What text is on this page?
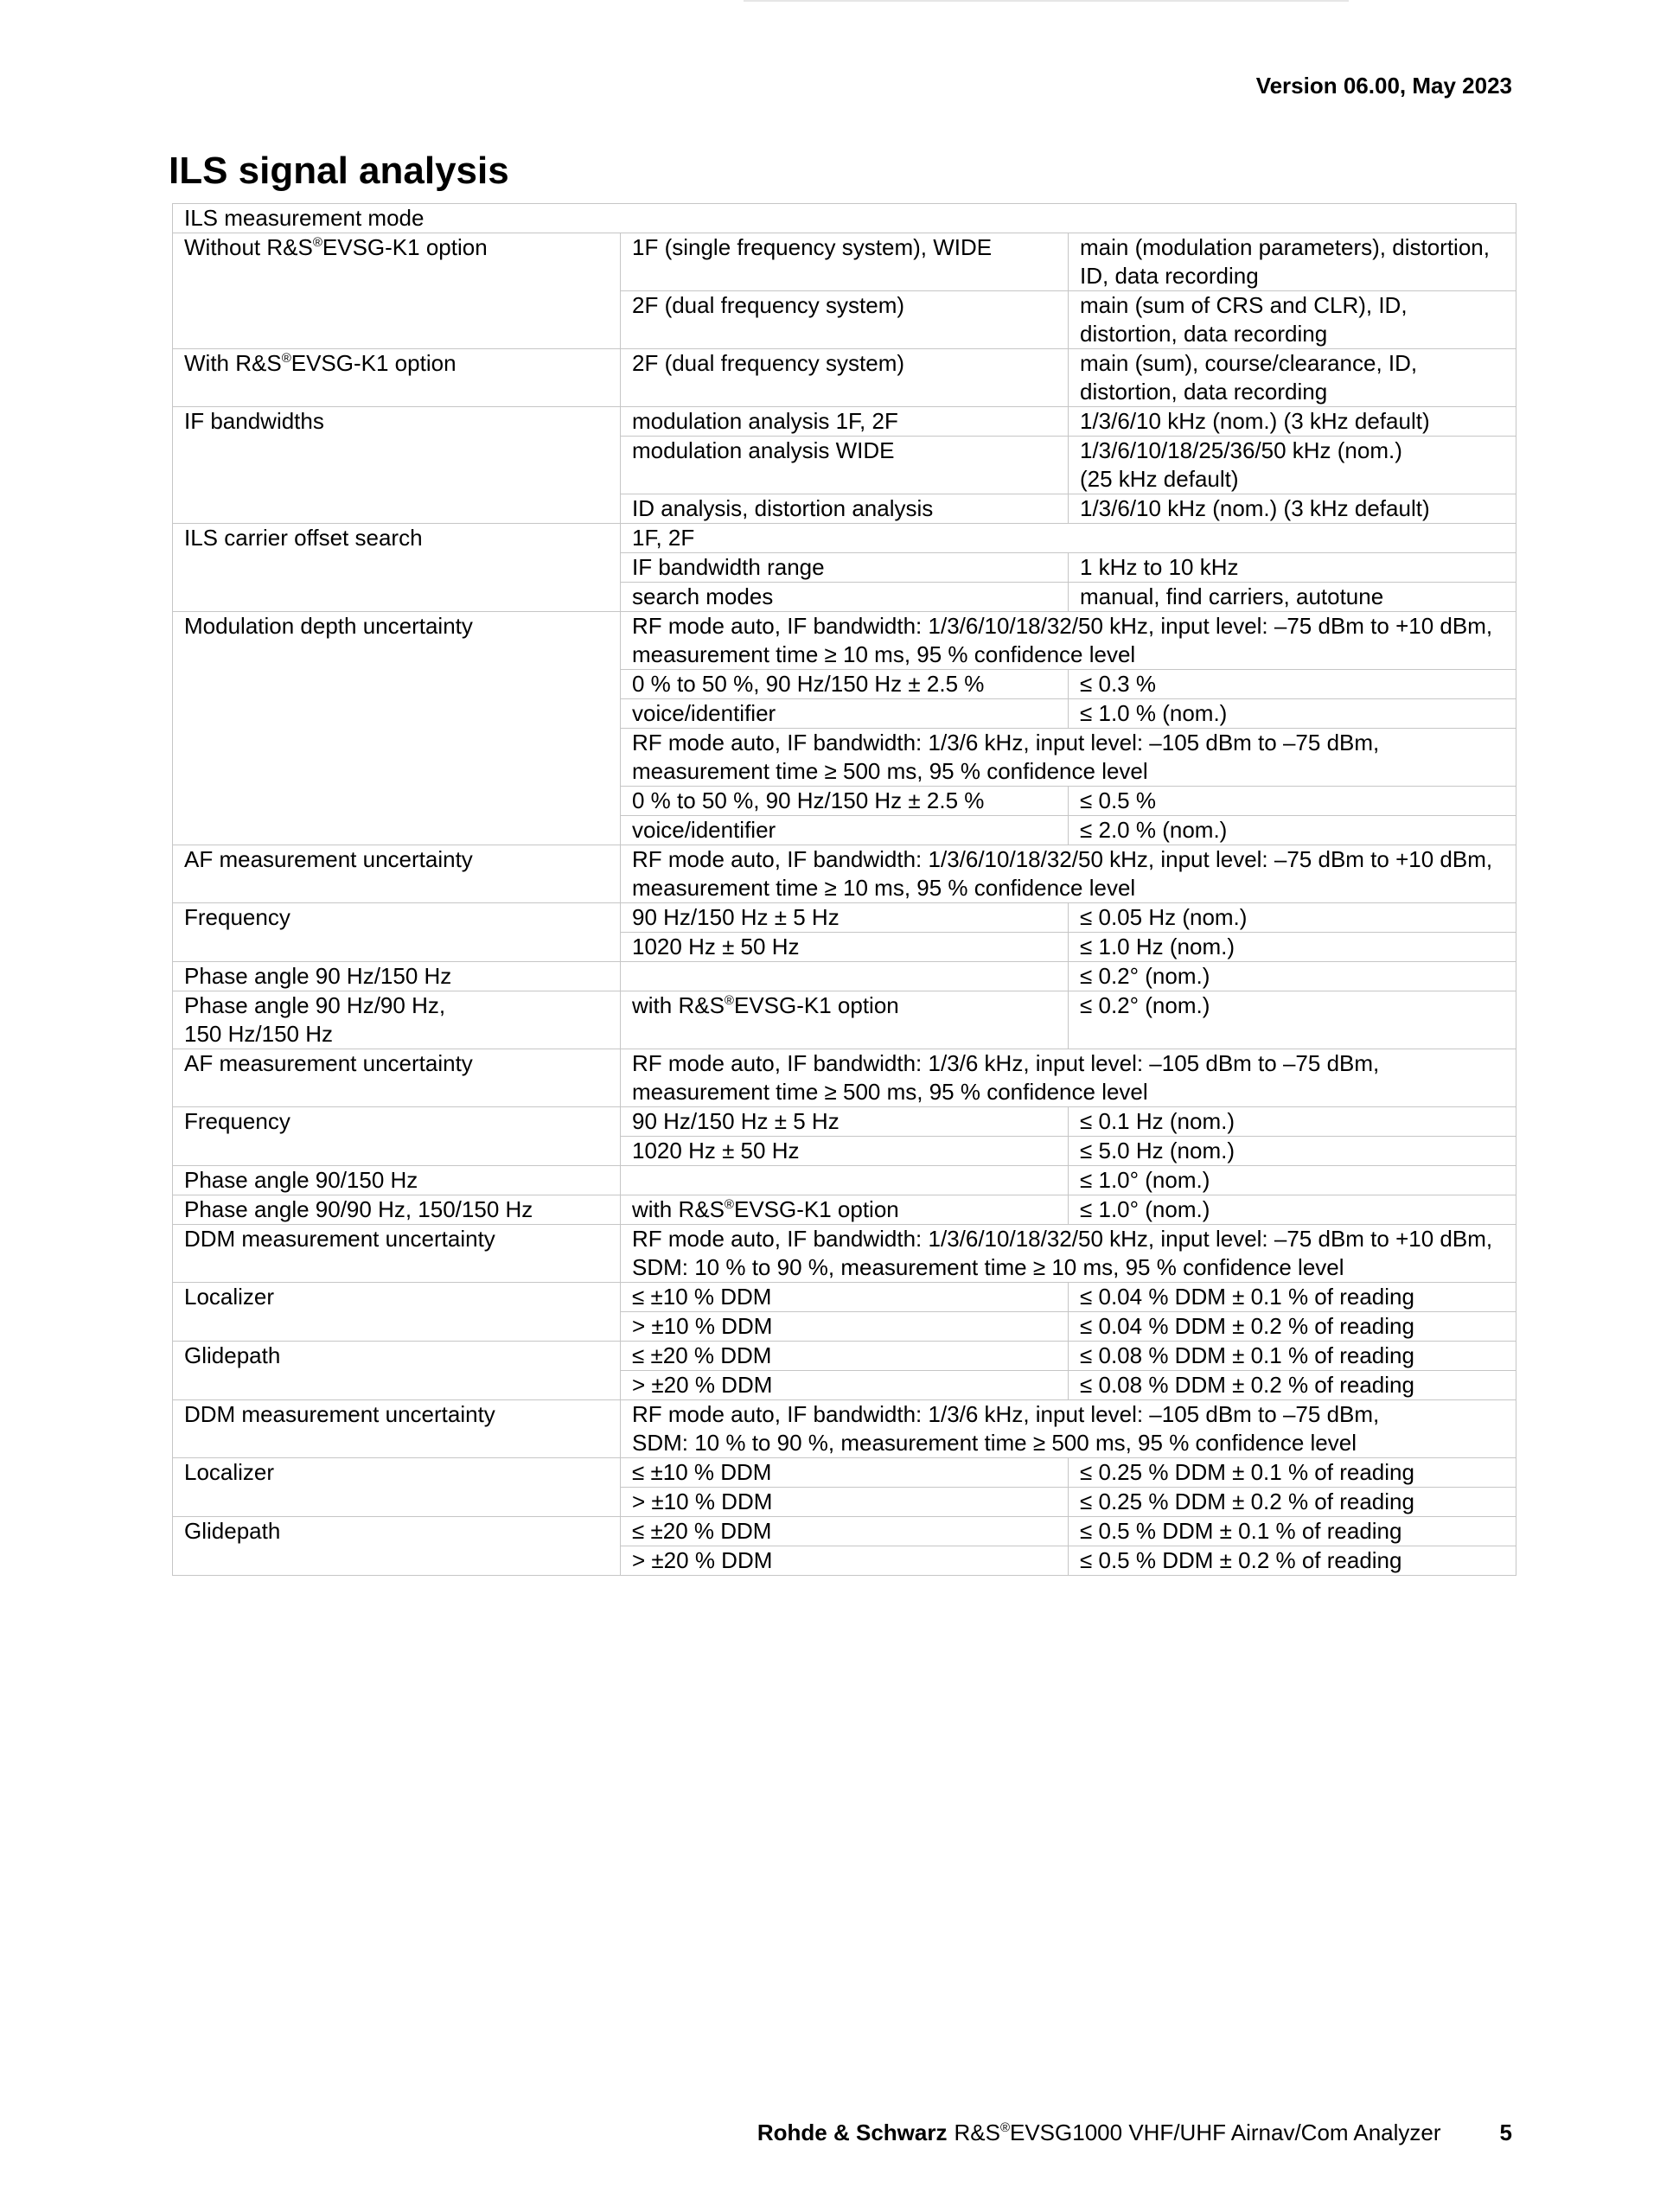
Version 06.00, May 2023
ILS signal analysis
ILS measurement mode		
Without R&S®EVSG-K1 option	1F (single frequency system), WIDE	main (modulation parameters), distortion,
ID, data recording
	2F (dual frequency system)	main (sum of CRS and CLR), ID,
distortion, data recording
With R&S®EVSG-K1 option	2F (dual frequency system)	main (sum), course/clearance, ID,
distortion, data recording
IF bandwidths	modulation analysis 1F, 2F	1/3/6/10 kHz (nom.) (3 kHz default)
	modulation analysis WIDE	1/3/6/10/18/25/36/50 kHz (nom.)
(25 kHz default)
	ID analysis, distortion analysis	1/3/6/10 kHz (nom.) (3 kHz default)
ILS carrier offset search	1F, 2F	
	IF bandwidth range	1 kHz to 10 kHz
	search modes	manual, find carriers, autotune
Modulation depth uncertainty	RF mode auto, IF bandwidth: 1/3/6/10/18/32/50 kHz, input level: –75 dBm to +10 dBm,
measurement time ≥ 10 ms, 95 % confidence level	
	0 % to 50 %, 90 Hz/150 Hz ± 2.5 %	≤ 0.3 %
	voice/identifier	≤ 1.0 % (nom.)
	RF mode auto, IF bandwidth: 1/3/6 kHz, input level: –105 dBm to –75 dBm,
measurement time ≥ 500 ms, 95 % confidence level	
	0 % to 50 %, 90 Hz/150 Hz ± 2.5 %	≤ 0.5 %
	voice/identifier	≤ 2.0 % (nom.)
AF measurement uncertainty	RF mode auto, IF bandwidth: 1/3/6/10/18/32/50 kHz, input level: –75 dBm to +10 dBm,
measurement time ≥ 10 ms, 95 % confidence level	
Frequency	90 Hz/150 Hz ± 5 Hz	≤ 0.05 Hz (nom.)
	1020 Hz ± 50 Hz	≤ 1.0 Hz (nom.)
Phase angle 90 Hz/150 Hz		≤ 0.2° (nom.)
Phase angle 90 Hz/90 Hz,
150 Hz/150 Hz	with R&S®EVSG-K1 option	≤ 0.2° (nom.)
AF measurement uncertainty	RF mode auto, IF bandwidth: 1/3/6 kHz, input level: –105 dBm to –75 dBm,
measurement time ≥ 500 ms, 95 % confidence level	
Frequency	90 Hz/150 Hz ± 5 Hz	≤ 0.1 Hz (nom.)
	1020 Hz ± 50 Hz	≤ 5.0 Hz (nom.)
Phase angle 90/150 Hz		≤ 1.0° (nom.)
Phase angle 90/90 Hz, 150/150 Hz	with R&S®EVSG-K1 option	≤ 1.0° (nom.)
DDM measurement uncertainty	RF mode auto, IF bandwidth: 1/3/6/10/18/32/50 kHz, input level: –75 dBm to +10 dBm,
SDM: 10 % to 90 %, measurement time ≥ 10 ms, 95 % confidence level	
Localizer	≤ ±10 % DDM	≤ 0.04 % DDM ± 0.1 % of reading
	> ±10 % DDM	≤ 0.04 % DDM ± 0.2 % of reading
Glidepath	≤ ±20 % DDM	≤ 0.08 % DDM ± 0.1 % of reading
	> ±20 % DDM	≤ 0.08 % DDM ± 0.2 % of reading
DDM measurement uncertainty	RF mode auto, IF bandwidth: 1/3/6 kHz, input level: –105 dBm to –75 dBm,
SDM: 10 % to 90 %, measurement time ≥ 500 ms, 95 % confidence level	
Localizer	≤ ±10 % DDM	≤ 0.25 % DDM ± 0.1 % of reading
	> ±10 % DDM	≤ 0.25 % DDM ± 0.2 % of reading
Glidepath	≤ ±20 % DDM	≤ 0.5 % DDM ± 0.1 % of reading
	> ±20 % DDM	≤ 0.5 % DDM ± 0.2 % of reading
Rohde & Schwarz R&S®EVSG1000 VHF/UHF Airnav/Com Analyzer	5
